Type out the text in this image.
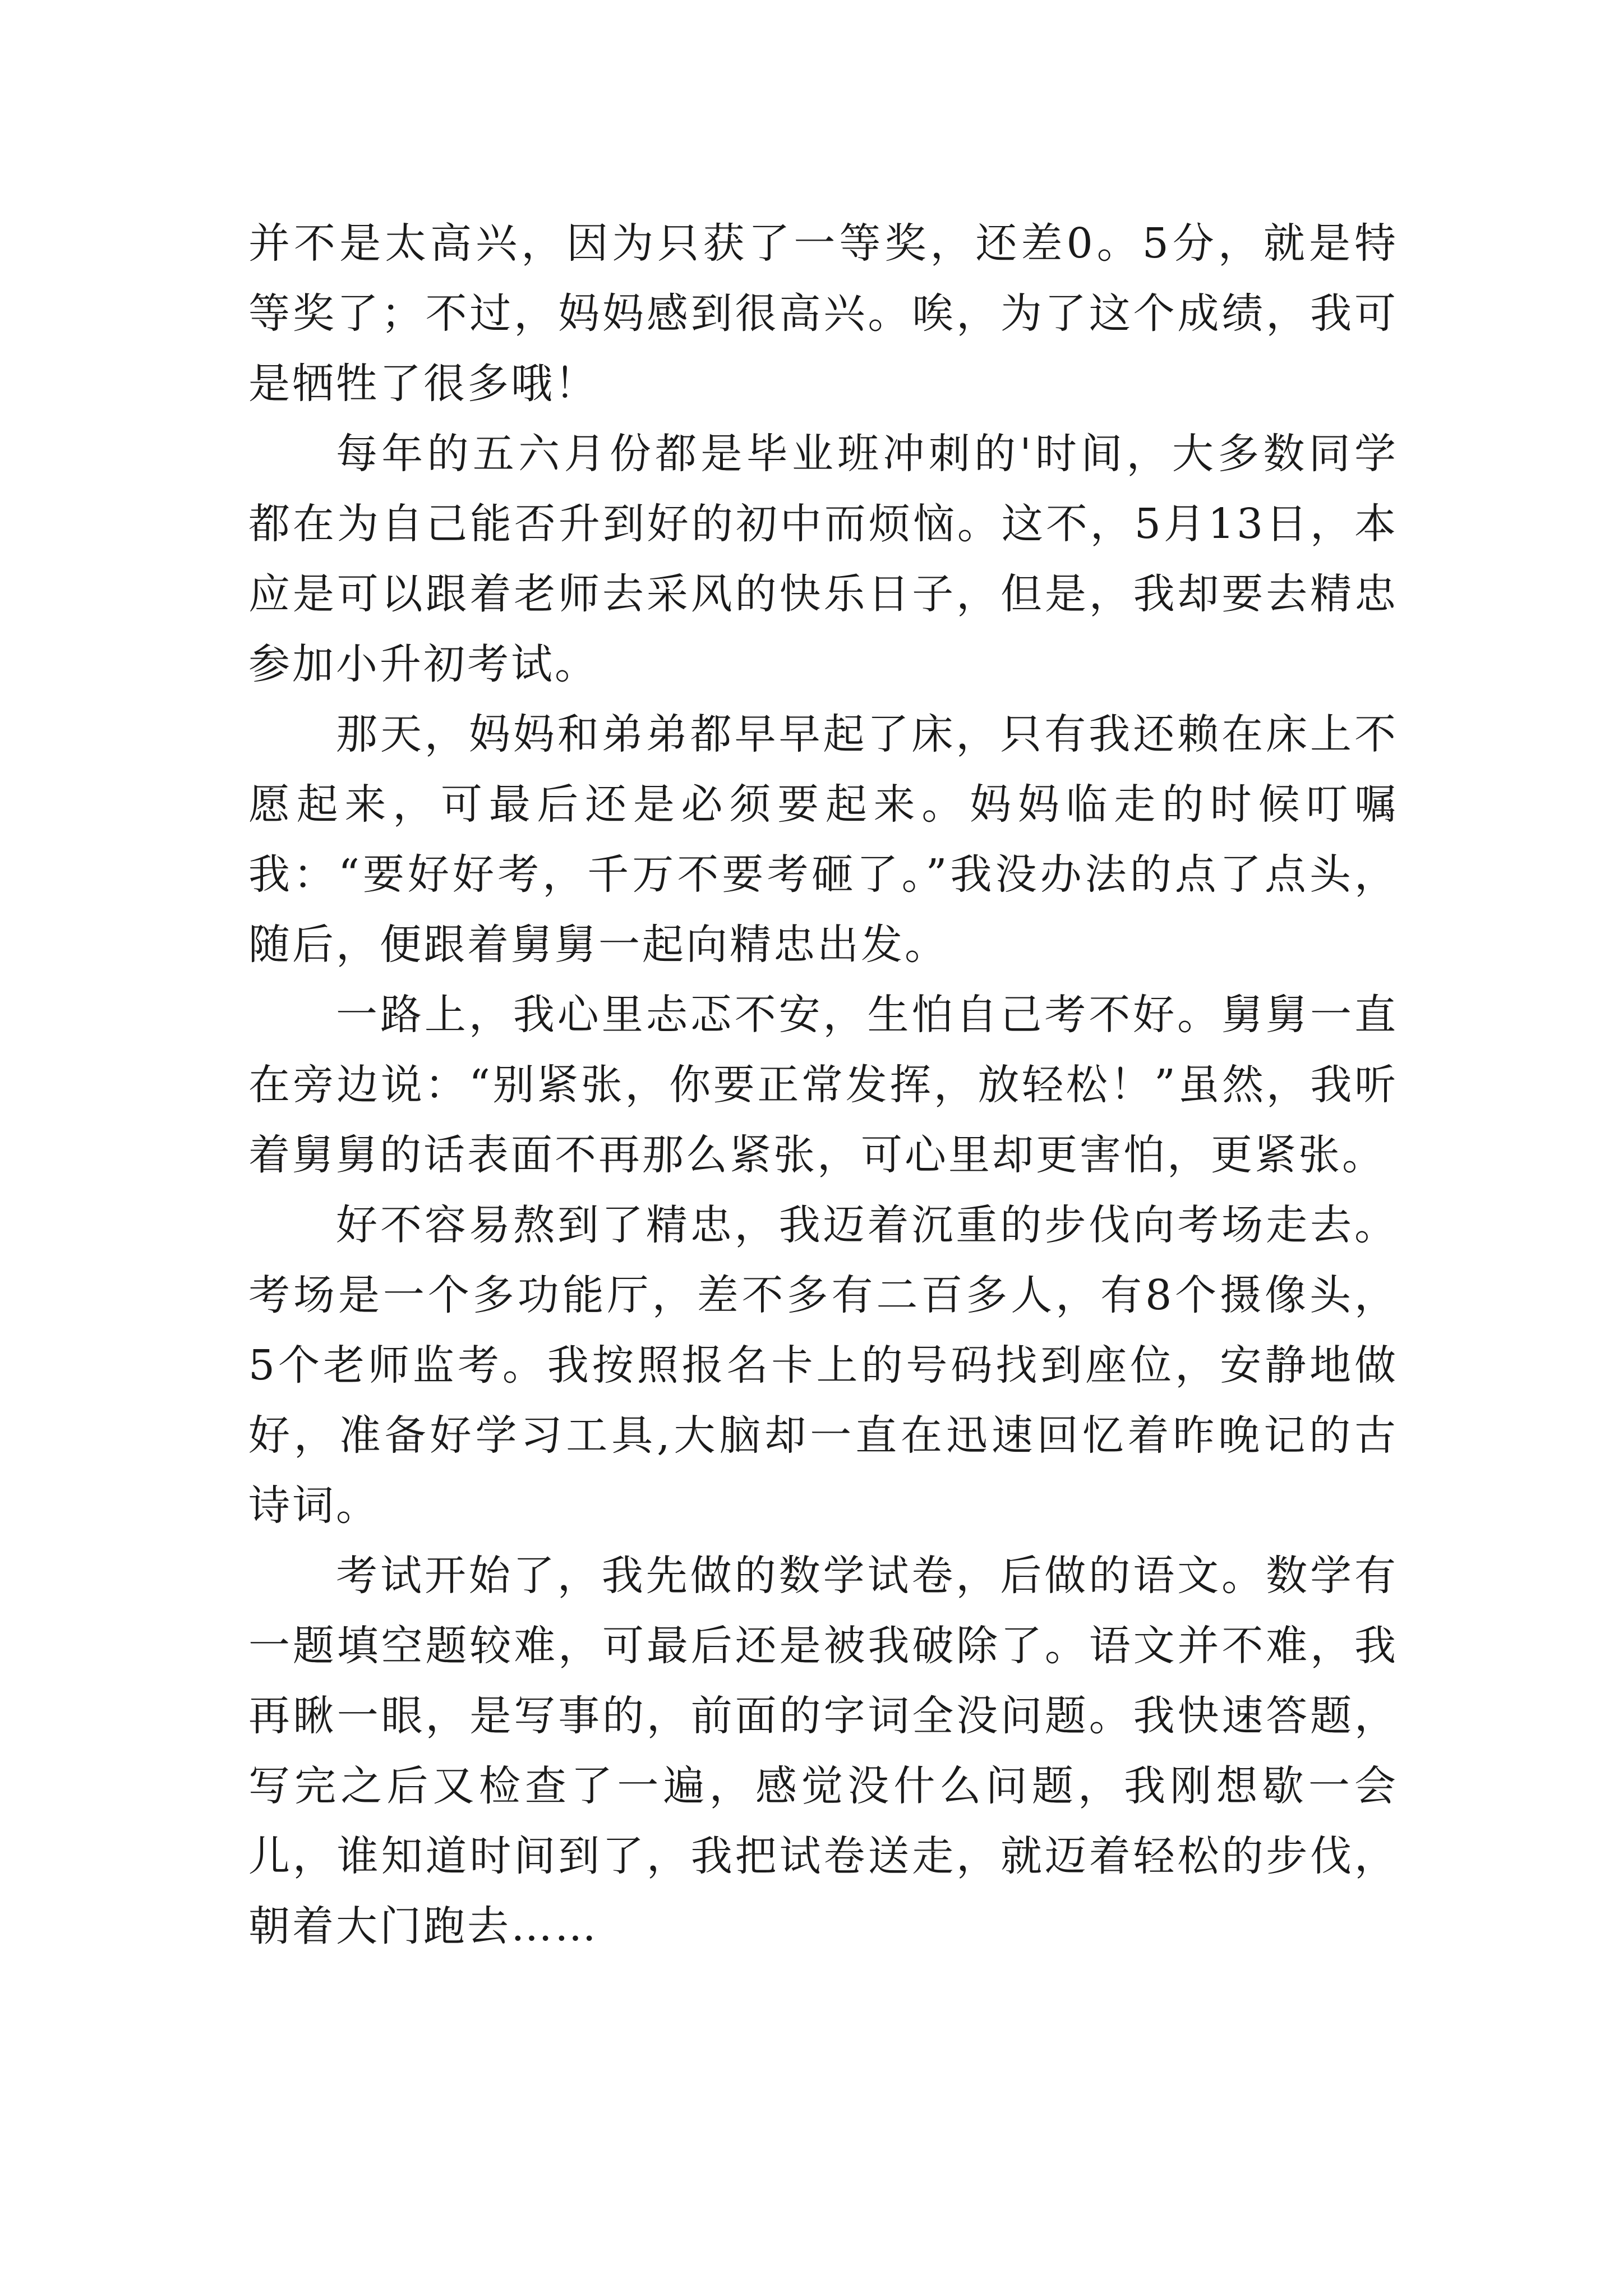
并不是太高兴，因为只获了一等奖，还差0。5分，就是特等奖了；不过，妈妈感到很高兴。唉，为了这个成绩，我可是牺牲了很多哦！

每年的五六月份都是毕业班冲刺的'时间，大多数同学都在为自己能否升到好的初中而烦恼。这不，5月13日，本应是可以跟着老师去采风的快乐日子，但是，我却要去精忠参加小升初考试。

那天，妈妈和弟弟都早早起了床，只有我还赖在床上不愿起来，可最后还是必须要起来。妈妈临走的时候叮嘱我：“要好好考，千万不要考砸了。”我没办法的点了点头，随后，便跟着舅舅一起向精忠出发。

一路上，我心里忐忑不安，生怕自己考不好。舅舅一直在旁边说：“别紧张，你要正常发挥，放轻松！”虽然，我听着舅舅的话表面不再那么紧张，可心里却更害怕，更紧张。

好不容易熬到了精忠，我迈着沉重的步伐向考场走去。考场是一个多功能厅，差不多有二百多人，有8个摄像头，5个老师监考。我按照报名卡上的号码找到座位，安静地做好，准备好学习工具,大脑却一直在迅速回忆着昨晚记的古诗词。

考试开始了，我先做的数学试卷，后做的语文。数学有一题填空题较难，可最后还是被我破除了。语文并不难，我再瞅一眼，是写事的，前面的字词全没问题。我快速答题，写完之后又检查了一遍，感觉没什么问题，我刚想歇一会儿，谁知道时间到了，我把试卷送走，就迈着轻松的步伐，朝着大门跑去……
